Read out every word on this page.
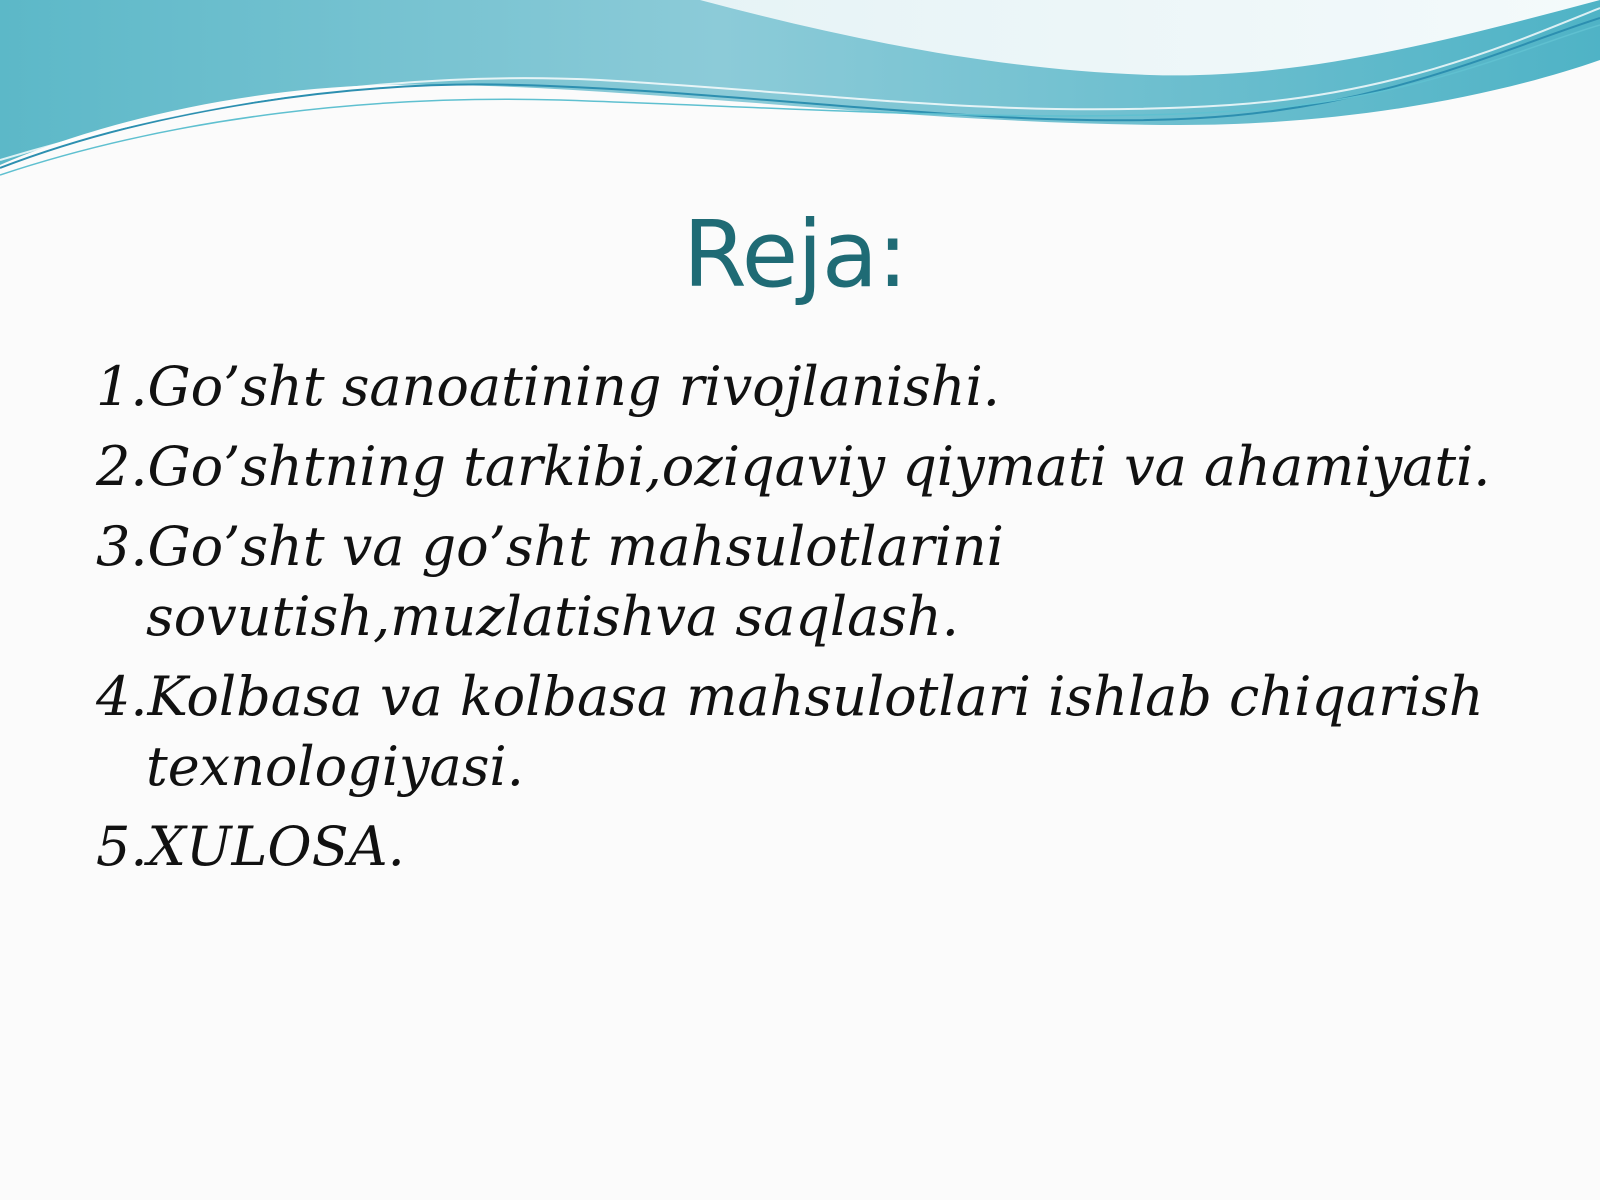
Reja:
1.Go’sht sanoatining rivojlanishi.
2.Go’shtning tarkibi,oziqaviy qiymati va ahamiyati.
3.Go’sht va go’sht mahsulotlarini sovutish,muzlatishva saqlash.
4.Kolbasa va kolbasa mahsulotlari ishlab chiqarish texnologiyasi.
5.XULOSA.
